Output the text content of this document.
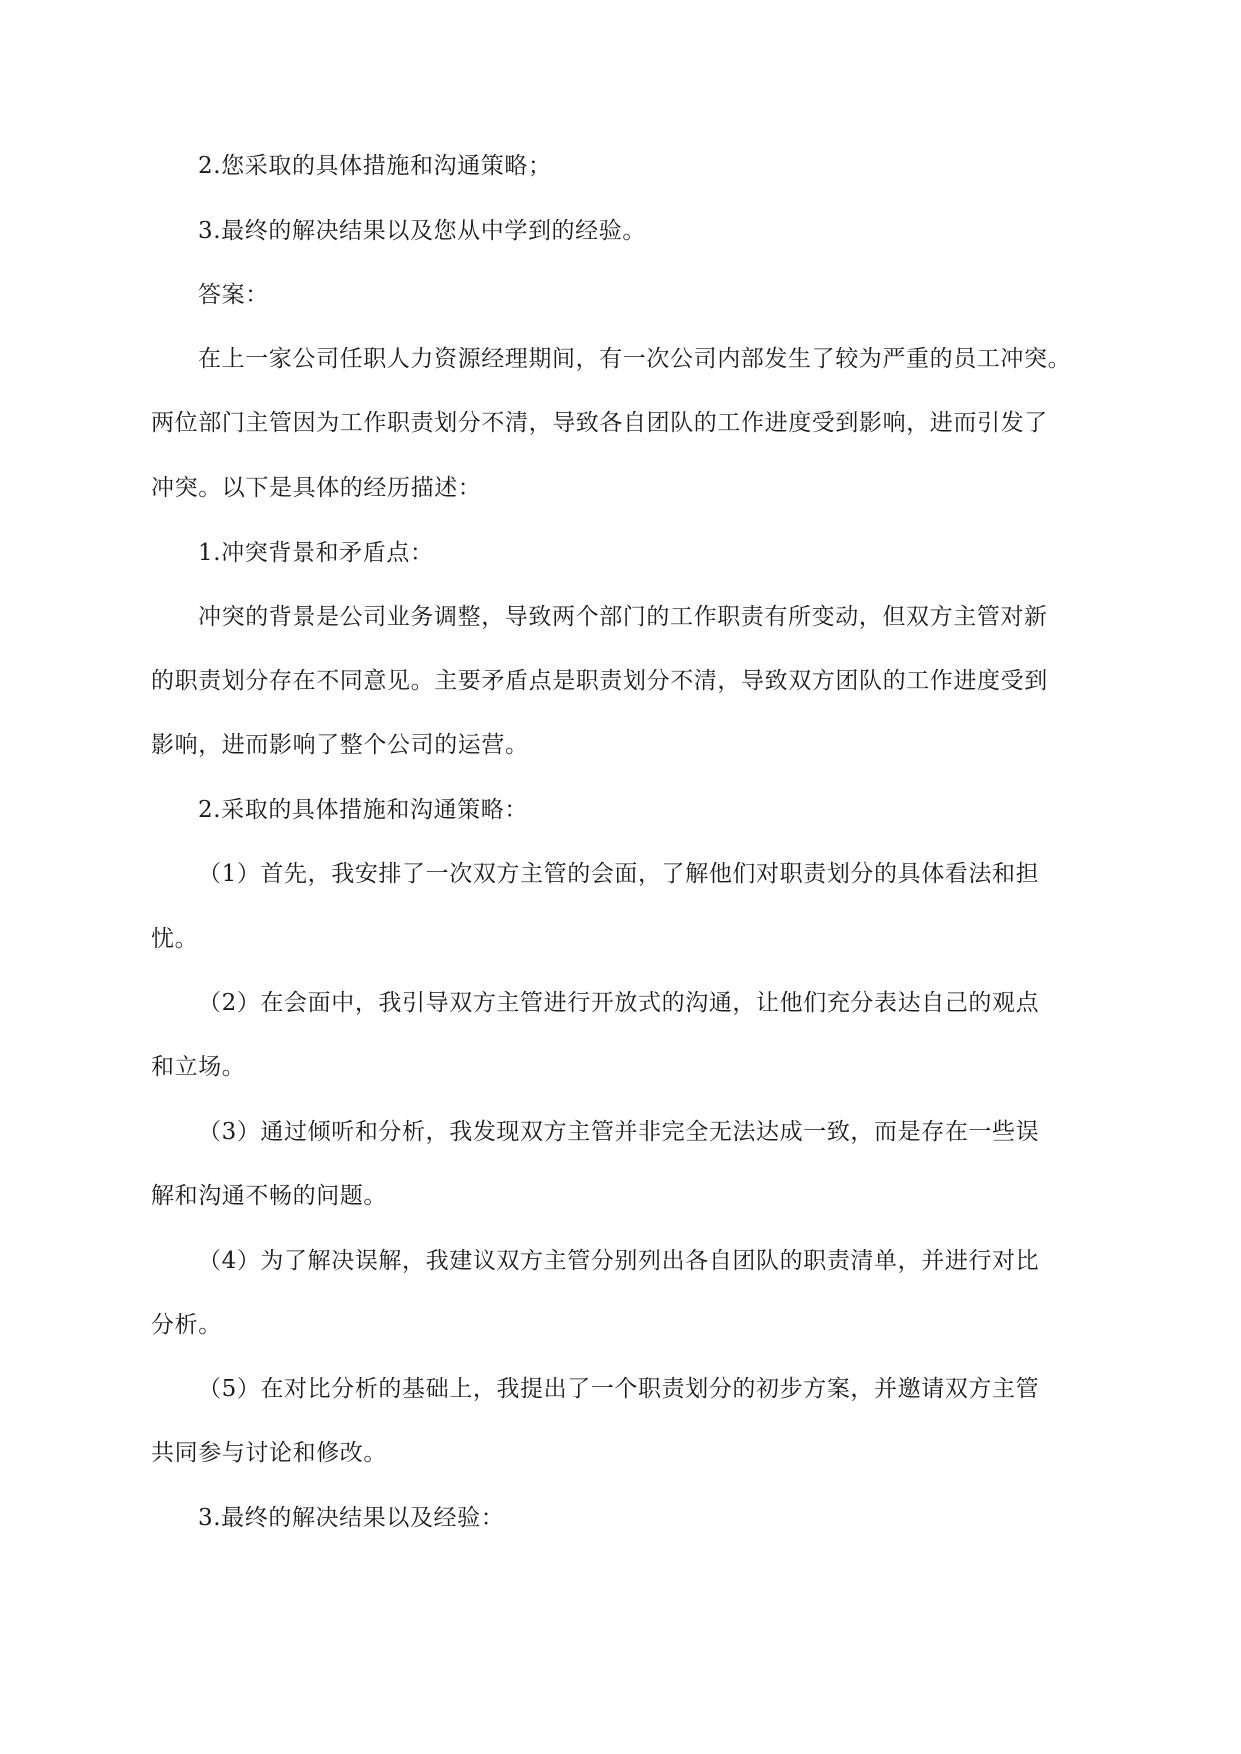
2.您采取的具体措施和沟通策略；
3.最终的解决结果以及您从中学到的经验。
答案：
在上一家公司任职人力资源经理期间，有一次公司内部发生了较为严重的员工冲突。
两位部门主管因为工作职责划分不清，导致各自团队的工作进度受到影响，进而引发了
冲突。以下是具体的经历描述：
1.冲突背景和矛盾点：
冲突的背景是公司业务调整，导致两个部门的工作职责有所变动，但双方主管对新
的职责划分存在不同意见。主要矛盾点是职责划分不清，导致双方团队的工作进度受到
影响，进而影响了整个公司的运营。
2.采取的具体措施和沟通策略：
（1）首先，我安排了一次双方主管的会面，了解他们对职责划分的具体看法和担
忧。
（2）在会面中，我引导双方主管进行开放式的沟通，让他们充分表达自己的观点
和立场。
（3）通过倾听和分析，我发现双方主管并非完全无法达成一致，而是存在一些误
解和沟通不畅的问题。
（4）为了解决误解，我建议双方主管分别列出各自团队的职责清单，并进行对比
分析。
（5）在对比分析的基础上，我提出了一个职责划分的初步方案，并邀请双方主管
共同参与讨论和修改。
3.最终的解决结果以及经验：
